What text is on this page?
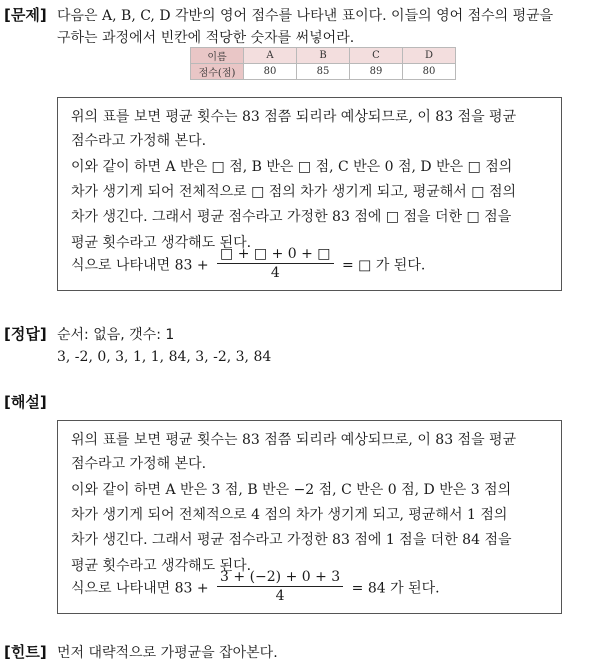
[문제] 다음은 A, B, C, D 각반의 영어 점수를 나타낸 표이다. 이들의 영어 점수의 평균을
구하는 과정에서 빈칸에 적당한 숫자를 써넣어라.
이름	A	B	C	D
점수(점)	80	85	89	80
위의 표를 보면 평균 횟수는 83 점쯤 되리라 예상되므로, 이 83 점을 평균
점수라고 가정해 본다.
이와 같이 하면 A 반은 □ 점, B 반은 □ 점, C 반은 0 점, D 반은 □ 점의
차가 생기게 되어 전체적으로 □ 점의 차가 생기게 되고, 평균해서 □ 점의
차가 생긴다. 그래서 평균 점수라고 가정한 83 점에 □ 점을 더한 □ 점을
평균 횟수라고 생각해도 된다.
식으로 나타내면 $83 + \frac{□ + □ + 0 + □}{4}$ = □ 가 된다.
[정답] 순서: 없음, 갯수: 1
3, -2, 0, 3, 1, 1, 84, 3, -2, 3, 84
[해설]
위의 표를 보면 평균 횟수는 83 점쯤 되리라 예상되므로, 이 83 점을 평균
점수라고 가정해 본다.
이와 같이 하면 A 반은 3 점, B 반은 −2 점, C 반은 0 점, D 반은 3 점의
차가 생기게 되어 전체적으로 4 점의 차가 생기게 되고, 평균해서 1 점의
차가 생긴다. 그래서 평균 점수라고 가정한 83 점에 1 점을 더한 84 점을
평균 횟수라고 생각해도 된다.
식으로 나타내면 $83 + \frac{3 + (-2) + 0 + 3}{4} = 84$ 가 된다.
[힌트] 먼저 대략적으로 가평균을 잡아본다.
